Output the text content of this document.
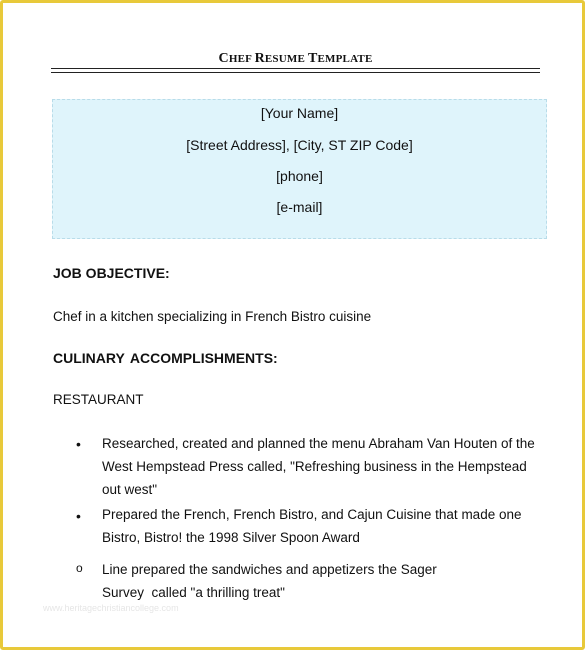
CHEF RESUME TEMPLATE
[Your Name]
[Street Address], [City, ST ZIP Code]
[phone]
[e-mail]
JOB OBJECTIVE:
Chef in a kitchen specializing in French Bistro cuisine
CULINARY ACCOMPLISHMENTS:
RESTAURANT
• Researched, created and planned the menu Abraham Van Houten of the West Hempstead Press called, "Refreshing business in the Hempstead out west"
• Prepared the French, French Bistro, and Cajun Cuisine that made one Bistro, Bistro! the 1998 Silver Spoon Award
o Line prepared the sandwiches and appetizers the Sager Survey  called "a thrilling treat"
www.heritagechristiancollege.com
